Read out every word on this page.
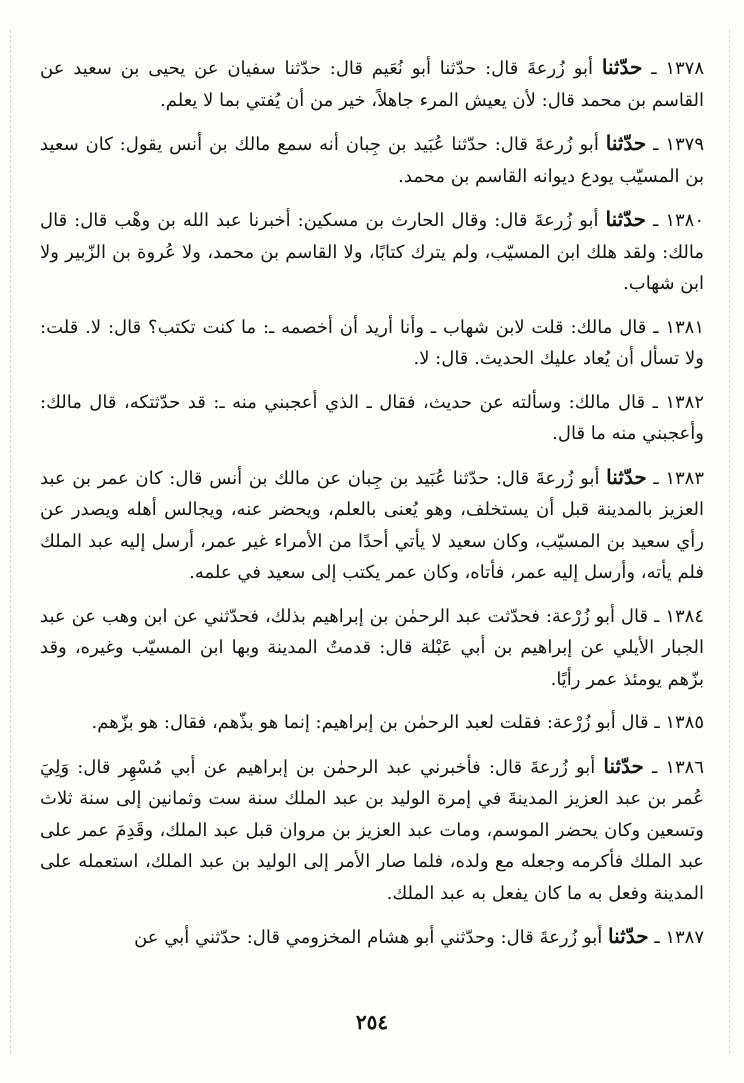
١٣٧٨ ـ حدّثنا أبو زُرعةَ قال: حدّثنا أبو نُعَيم قال: حدّثنا سفيان عن يحيى بن سعيد عن القاسم بن محمد قال: لأن يعيش المرء جاهلاً، خير من أن يُفتي بما لا يعلم.

١٣٧٩ ـ حدّثنا أبو زُرعةَ قال: حدّثنا عُبَيد بن جِبان أنه سمع مالك بن أنس يقول: كان سعيد بن المسيّب يودع ديوانه القاسم بن محمد.

١٣٨٠ ـ حدّثنا أبو زُرعةَ قال: وقال الحارث بن مسكين: أخبرنا عبد الله بن وهْب قال: قال مالك: ولقد هلك ابن المسيّب، ولم يترك كتابًا، ولا القاسم بن محمد، ولا عُروة بن الزّبير ولا ابن شهاب.

١٣٨١ ـ قال مالك: قلت لابن شهاب ـ وأنا أريد أن أخصمه ـ: ما كنت تكتب؟ قال: لا. قلت: ولا تسأل أن يُعاد عليك الحديث. قال: لا.

١٣٨٢ ـ قال مالك: وسألته عن حديث، فقال ـ الذي أعجبني منه ـ: قد حدّثتكه، قال مالك: وأعجبني منه ما قال.

١٣٨٣ ـ حدّثنا أبو زُرعةَ قال: حدّثنا عُبَيد بن جِبان عن مالك بن أنس قال: كان عمر بن عبد العزيز بالمدينة قبل أن يستخلف، وهو يُعنى بالعلم، ويحضر عنه، ويجالس أهله ويصدر عن رأي سعيد بن المسيّب، وكان سعيد لا يأتي أحدًا من الأمراء غير عمر، أرسل إليه عبد الملك فلم يأته، وأرسل إليه عمر، فأتاه، وكان عمر يكتب إلى سعيد في علمه.

١٣٨٤ ـ قال أبو زُرْعة: فحدّثت عبد الرحمٰن بن إبراهيم بذلك، فحدّثني عن ابن وهب عن عبد الجبار الأيلي عن إبراهيم بن أبي عَبْلة قال: قدمتُ المدينة وبها ابن المسيّب وغيره، وقد بزّهم يومئذ عمر رأيًا.

١٣٨٥ ـ قال أبو زُرْعة: فقلت لعبد الرحمٰن بن إبراهيم: إنما هو بذّهم، فقال: هو بزّهم.

١٣٨٦ ـ حدّثنا أبو زُرعةَ قال: فأخبرني عبد الرحمٰن بن إبراهيم عن أبي مُسْهِر قال: وَلِيَ عُمر بن عبد العزيز المدينةَ في إمرة الوليد بن عبد الملك سنة ست وثمانين إلى سنة ثلاث وتسعين وكان يحضر الموسم، ومات عبد العزيز بن مروان قبل عبد الملك، وقَدِمَ عمر على عبد الملك فأكرمه وجعله مع ولده، فلما صار الأمر إلى الوليد بن عبد الملك، استعمله على المدينة وفعل به ما كان يفعل به عبد الملك.

١٣٨٧ ـ حدّثنا أبو زُرعةَ قال: وحدّثني أبو هشام المخزومي قال: حدّثني أبي عن

٢٥٤
